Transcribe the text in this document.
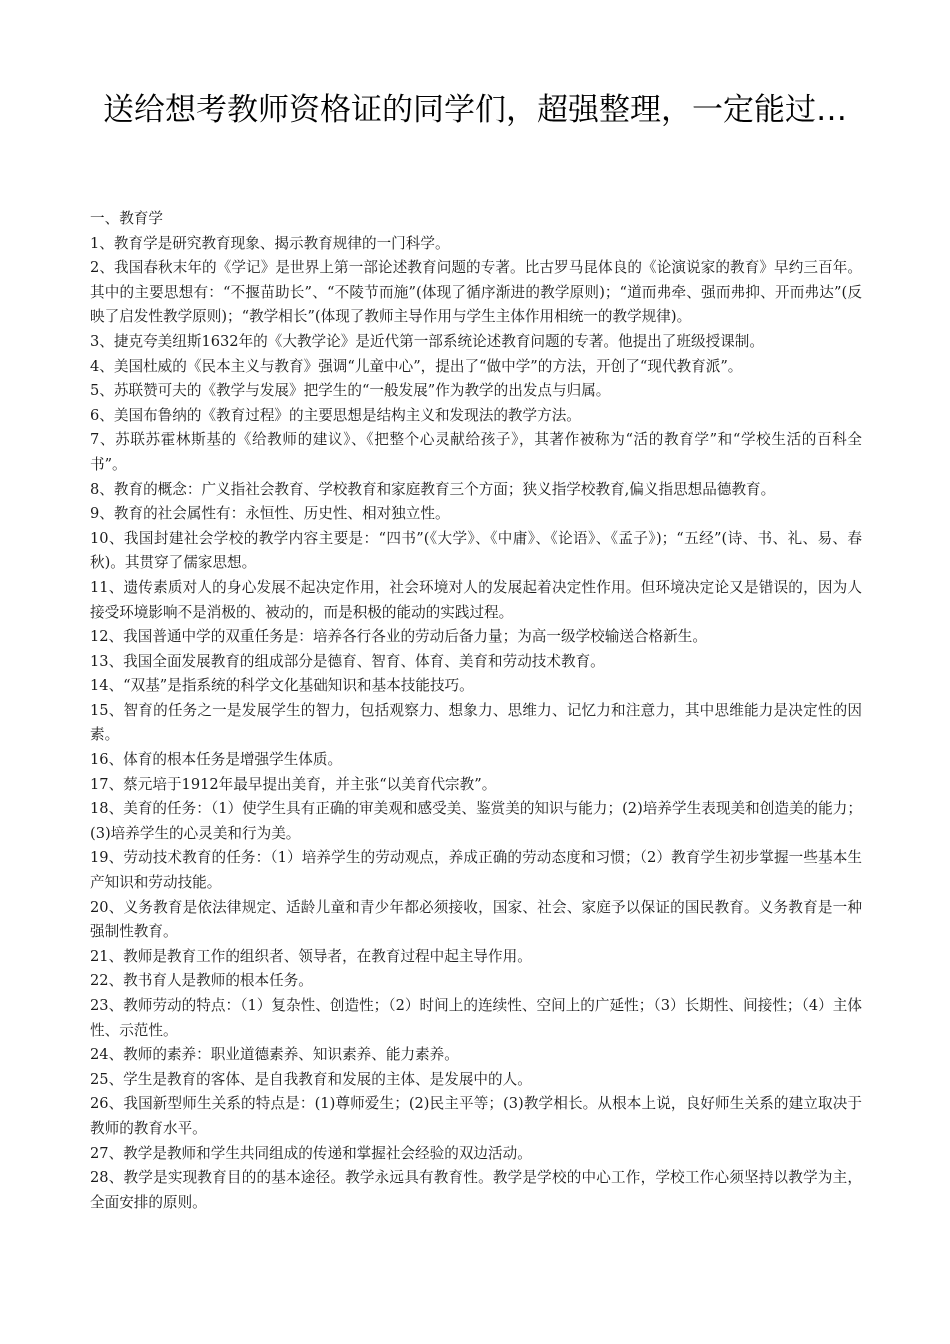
送给想考教师资格证的同学们，超强整理，一定能过…

一、教育学

1、教育学是研究教育现象、揭示教育规律的一门科学。

2、我国春秋末年的《学记》是世界上第一部论述教育问题的专著。比古罗马昆体良的《论演说家的教育》早约三百年。其中的主要思想有：“不揠苗助长”、“不陵节而施”(体现了循序渐进的教学原则)；“道而弗牵、强而弗抑、开而弗达”(反映了启发性教学原则)；“教学相长”(体现了教师主导作用与学生主体作用相统一的教学规律)。

3、捷克夸美纽斯1632年的《大教学论》是近代第一部系统论述教育问题的专著。他提出了班级授课制。

4、美国杜威的《民本主义与教育》强调“儿童中心”，提出了“做中学”的方法，开创了“现代教育派”。

5、苏联赞可夫的《教学与发展》把学生的“一般发展”作为教学的出发点与归属。

6、美国布鲁纳的《教育过程》的主要思想是结构主义和发现法的教学方法。

7、苏联苏霍林斯基的《给教师的建议》、《把整个心灵献给孩子》，其著作被称为“活的教育学”和“学校生活的百科全书”。

8、教育的概念：广义指社会教育、学校教育和家庭教育三个方面；狭义指学校教育,偏义指思想品德教育。

9、教育的社会属性有：永恒性、历史性、相对独立性。

10、我国封建社会学校的教学内容主要是：“四书”(《大学》、《中庸》、《论语》、《孟子》)；“五经”(诗、书、礼、易、春秋)。其贯穿了儒家思想。

11、遗传素质对人的身心发展不起决定作用，社会环境对人的发展起着决定性作用。但环境决定论又是错误的，因为人接受环境影响不是消极的、被动的，而是积极的能动的实践过程。

12、我国普通中学的双重任务是：培养各行各业的劳动后备力量；为高一级学校输送合格新生。

13、我国全面发展教育的组成部分是德育、智育、体育、美育和劳动技术教育。

14、“双基”是指系统的科学文化基础知识和基本技能技巧。

15、智育的任务之一是发展学生的智力，包括观察力、想象力、思维力、记忆力和注意力，其中思维能力是决定性的因素。

16、体育的根本任务是增强学生体质。

17、蔡元培于1912年最早提出美育，并主张“以美育代宗教”。

18、美育的任务：（1）使学生具有正确的审美观和感受美、鉴赏美的知识与能力；(2)培养学生表现美和创造美的能力；(3)培养学生的心灵美和行为美。

19、劳动技术教育的任务：（1）培养学生的劳动观点，养成正确的劳动态度和习惯；（2）教育学生初步掌握一些基本生产知识和劳动技能。

20、义务教育是依法律规定、适龄儿童和青少年都必须接收，国家、社会、家庭予以保证的国民教育。义务教育是一种强制性教育。

21、教师是教育工作的组织者、领导者，在教育过程中起主导作用。

22、教书育人是教师的根本任务。

23、教师劳动的特点：（1）复杂性、创造性；（2）时间上的连续性、空间上的广延性；（3）长期性、间接性；（4）主体性、示范性。

24、教师的素养：职业道德素养、知识素养、能力素养。

25、学生是教育的客体、是自我教育和发展的主体、是发展中的人。

26、我国新型师生关系的特点是：(1)尊师爱生；(2)民主平等；(3)教学相长。从根本上说，良好师生关系的建立取决于教师的教育水平。

27、教学是教师和学生共同组成的传递和掌握社会经验的双边活动。

28、教学是实现教育目的的基本途径。教学永远具有教育性。教学是学校的中心工作，学校工作心须坚持以教学为主，全面安排的原则。
